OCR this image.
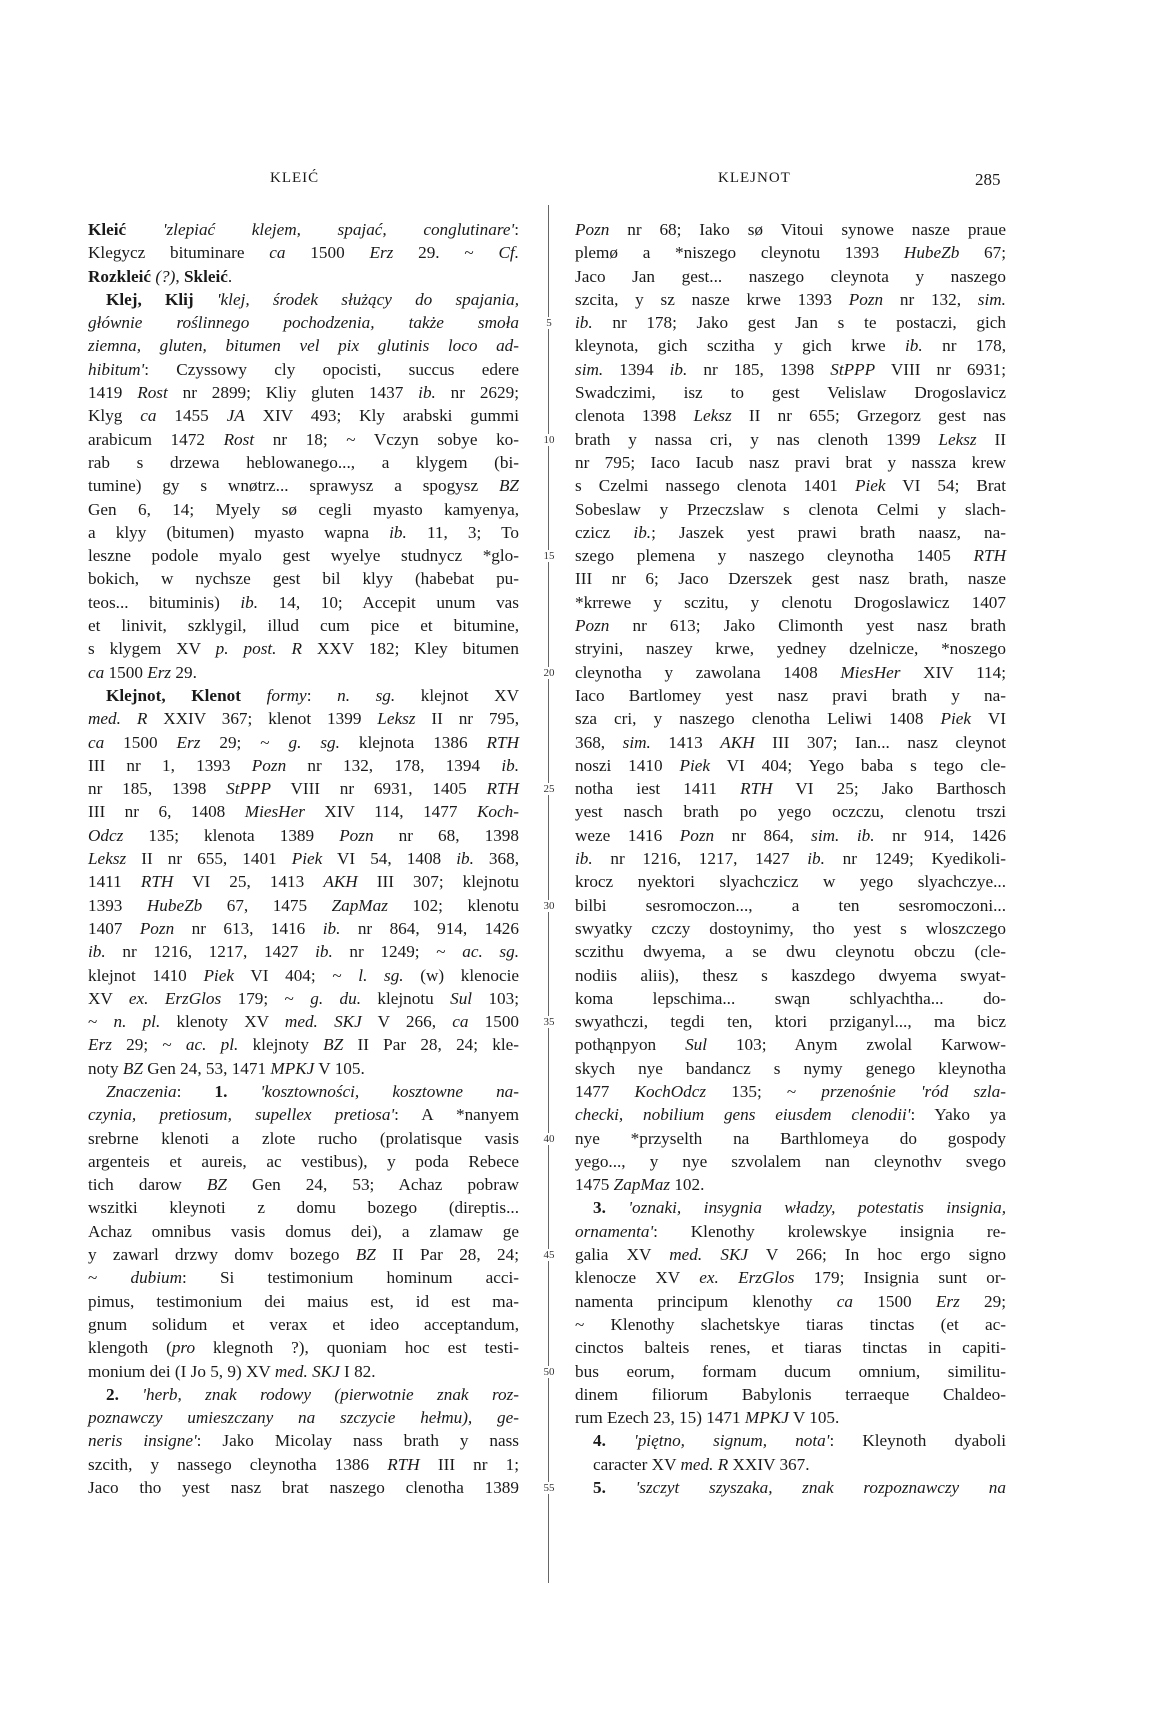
KLEIĆ	KLEJNOT	285
Kleić 'zlepiać klejem, spajać, conglutinare':
Klegycz bituminare ca 1500 Erz 29. ~ Cf.
Rozkleić (?), Skleić.
Klej, Klij 'klej, środek służący do spajania,
głównie roślinnego pochodzenia, także smoła
ziemna, gluten, bitumen vel pix glutinis loco ad-
hibitum': Czyssowy cly opocisti, succus edere
1419 Rost nr 2899; Kliy gluten 1437 ib. nr 2629;
Klyg ca 1455 JA XIV 493; Kly arabski gummi
arabicum 1472 Rost nr 18; ~ Vczyn sobye ko-
rab s drzewa heblowanego..., a klygem (bi-
tumine) gy s wnøtrz... sprawysz a spogysz BZ
Gen 6, 14; Myely sø cegli myasto kamyenya,
a klyy (bitumen) myasto wapna ib. 11, 3; To
leszne podole myalo gest wyelye studnycz *glo-
bokich, w nychsze gest bil klyy (habebat pu-
teos... bituminis) ib. 14, 10; Accepit unum vas
et linivit, szklygil, illud cum pice et bitumine,
s klygem XV p. post. R XXV 182; Kley bitumen
ca 1500 Erz 29.
Klejnot, Klenot formy: n. sg. klejnot XV
med. R XXIV 367; klenot 1399 Leksz II nr 795,
ca 1500 Erz 29; ~ g. sg. klejnota 1386 RTH
III nr 1, 1393 Pozn nr 132, 178, 1394 ib.
nr 185, 1398 StPPP VIII nr 6931, 1405 RTH
III nr 6, 1408 MiesHer XIV 114, 1477 Koch-
Odcz 135; klenota 1389 Pozn nr 68, 1398
Leksz II nr 655, 1401 Piek VI 54, 1408 ib. 368,
1411 RTH VI 25, 1413 AKH III 307; klejnotu
1393 HubeZb 67, 1475 ZapMaz 102; klenotu
1407 Pozn nr 613, 1416 ib. nr 864, 914, 1426
ib. nr 1216, 1217, 1427 ib. nr 1249; ~ ac. sg.
klejnot 1410 Piek VI 404; ~ l. sg. (w) klenocie
XV ex. ErzGlos 179; ~ g. du. klejnotu Sul 103;
~ n. pl. klenoty XV med. SKJ V 266, ca 1500
Erz 29; ~ ac. pl. klejnoty BZ II Par 28, 24; kle-
noty BZ Gen 24, 53, 1471 MPKJ V 105.
Znaczenia: 1. 'kosztowności, kosztowne na-
czynia, pretiosum, supellex pretiosa': A *nanyem
srebrne klenoti a zlote rucho (prolatisque vasis
argenteis et aureis, ac vestibus), y poda Rebece
tich darow BZ Gen 24, 53; Achaz pobraw
wszitki kleynoti z domu bozego (direptis...
Achaz omnibus vasis domus dei), a zlamaw ge
y zawarl drzwy domv bozego BZ II Par 28, 24;
~ dubium: Si testimonium hominum acci-
pimus, testimonium dei maius est, id est ma-
gnum solidum et verax et ideo acceptandum,
klengoth (pro klegnoth ?), quoniam hoc est testi-
monium dei (I Jo 5, 9) XV med. SKJ I 82.
2. 'herb, znak rodowy (pierwotnie znak roz-
poznawczy umieszczany na szczycie hełmu), ge-
neris insigne': Jako Micolay nass brath y nass
szcith, y nassego cleynotha 1386 RTH III nr 1;
Jaco tho yest nasz brat naszego clenotha 1389
Pozn nr 68; Iako sø Vitoui synowe nasze praue
plemø a *niszego cleynotu 1393 HubeZb 67;
Jaco Jan gest... naszego cleynota y naszego
szcita, y sz nasze krwe 1393 Pozn nr 132, sim.
ib. nr 178; Jako gest Jan s te postaczi, gich
kleynota, gich sczitha y gich krwe ib. nr 178,
sim. 1394 ib. nr 185, 1398 StPPP VIII nr 6931;
Swadczimi, isz to gest Velislaw Drogoslavicz
clenota 1398 Leksz II nr 655; Grzegorz gest nas
brath y nassa cri, y nas clenoth 1399 Leksz II
nr 795; Iaco Iacub nasz pravi brat y nassza krew
s Czelmi nassego clenota 1401 Piek VI 54; Brat
Sobeslaw y Przeczslaw s clenota Celmi y slach-
czicz ib.; Jaszek yest prawi brath naasz, na-
szego plemena y naszego cleynotha 1405 RTH
III nr 6; Jaco Dzerszek gest nasz brath, nasze
*krrewe y sczitu, y clenotu Drogoslawicz 1407
Pozn nr 613; Jako Climonth yest nasz brath
stryini, naszey krwe, yedney dzelnicze, *noszego
cleynotha y zawolana 1408 MiesHer XIV 114;
Iaco Bartlomey yest nasz pravi brath y na-
sza cri, y naszego clenotha Leliwi 1408 Piek VI
368, sim. 1413 AKH III 307; Ian... nasz cleynot
noszi 1410 Piek VI 404; Yego baba s tego cle-
notha iest 1411 RTH VI 25; Jako Barthosch
yest nasch brath po yego oczczu, clenotu trszi
weze 1416 Pozn nr 864, sim. ib. nr 914, 1426
ib. nr 1216, 1217, 1427 ib. nr 1249; Kyedikoli-
krocz nyektori slyachczicz w yego slyachczye...
bilbi sesromoczon..., a ten sesromoczoni...
swyatky czczy dostoynimy, tho yest s wloszczego
sczithu dwyema, a se dwu cleynotu obczu (cle-
nodiis aliis), thesz s kaszdego dwyema swyat-
koma lepschima... swąn schlyachtha... do-
swyathczi, tegdi ten, ktori prziganyl..., ma bicz
pothąnpyon Sul 103; Anym zwolal Karwow-
skych nye bandancz s nymy genego kleynotha
1477 KochOdcz 135; ~ przenośnie 'ród szla-
checki, nobilium gens eiusdem clenodii': Yako ya
nye *przyselth na Barthlomeya do gospody
yego..., y nye szvolalem nan cleynothv svego
1475 ZapMaz 102.
3. 'oznaki, insygnia władzy, potestatis insignia,
ornamenta': Klenothy krolewskye insignia re-
galia XV med. SKJ V 266; In hoc ergo signo
klenocze XV ex. ErzGlos 179; Insignia sunt or-
namenta principum klenothy ca 1500 Erz 29;
~ Klenothy slachetskye tiaras tinctas (et ac-
cinctos balteis renes, et tiaras tinctas in capiti-
bus eorum, formam ducum omnium, similitu-
dinem filiorum Babylonis terraeque Chaldeo-
rum Ezech 23, 15) 1471 MPKJ V 105.
4. 'piętno, signum, nota': Kleynoth dyaboli
caracter XV med. R XXIV 367.
5. 'szczyt szyszaka, znak rozpoznawczy na
5
10
15
20
25
30
35
40
45
50
55
